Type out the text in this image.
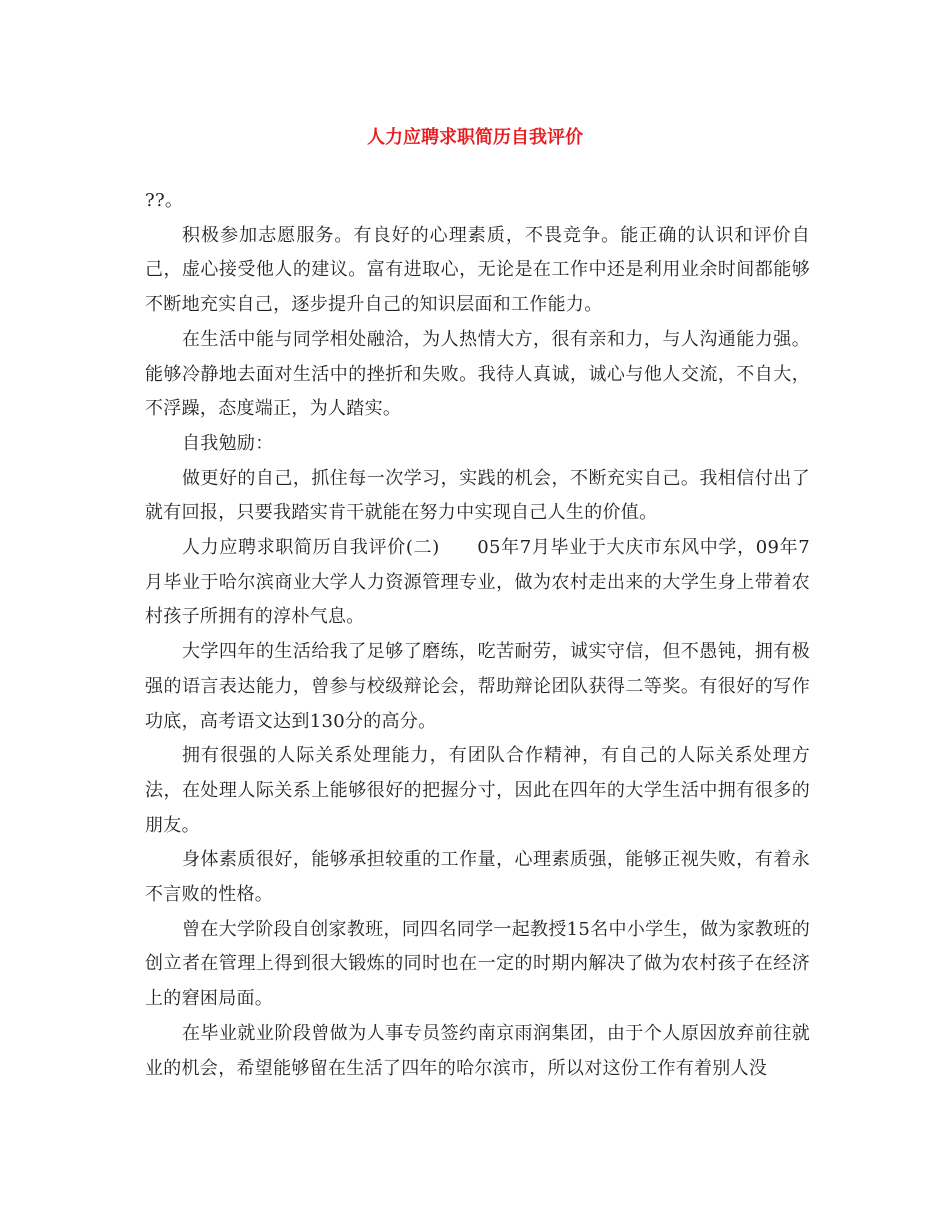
人力应聘求职简历自我评价

??。

积极参加志愿服务。有良好的心理素质，不畏竞争。能正确的认识和评价自己，虚心接受他人的建议。富有进取心，无论是在工作中还是利用业余时间都能够不断地充实自己，逐步提升自己的知识层面和工作能力。

在生活中能与同学相处融洽，为人热情大方，很有亲和力，与人沟通能力强。能够冷静地去面对生活中的挫折和失败。我待人真诚，诚心与他人交流，不自大，不浮躁，态度端正，为人踏实。

自我勉励：

做更好的自己，抓住每一次学习，实践的机会，不断充实自己。我相信付出了就有回报，只要我踏实肯干就能在努力中实现自己人生的价值。

人力应聘求职简历自我评价(二)　　05年7月毕业于大庆市东风中学，09年7月毕业于哈尔滨商业大学人力资源管理专业，做为农村走出来的大学生身上带着农村孩子所拥有的淳朴气息。

大学四年的生活给我了足够了磨练，吃苦耐劳，诚实守信，但不愚钝，拥有极强的语言表达能力，曾参与校级辩论会，帮助辩论团队获得二等奖。有很好的写作功底，高考语文达到130分的高分。

拥有很强的人际关系处理能力，有团队合作精神，有自己的人际关系处理方法，在处理人际关系上能够很好的把握分寸，因此在四年的大学生活中拥有很多的朋友。

身体素质很好，能够承担较重的工作量，心理素质强，能够正视失败，有着永不言败的性格。

曾在大学阶段自创家教班，同四名同学一起教授15名中小学生，做为家教班的创立者在管理上得到很大锻炼的同时也在一定的时期内解决了做为农村孩子在经济上的窘困局面。

在毕业就业阶段曾做为人事专员签约南京雨润集团，由于个人原因放弃前往就业的机会，希望能够留在生活了四年的哈尔滨市，所以对这份工作有着别人没
